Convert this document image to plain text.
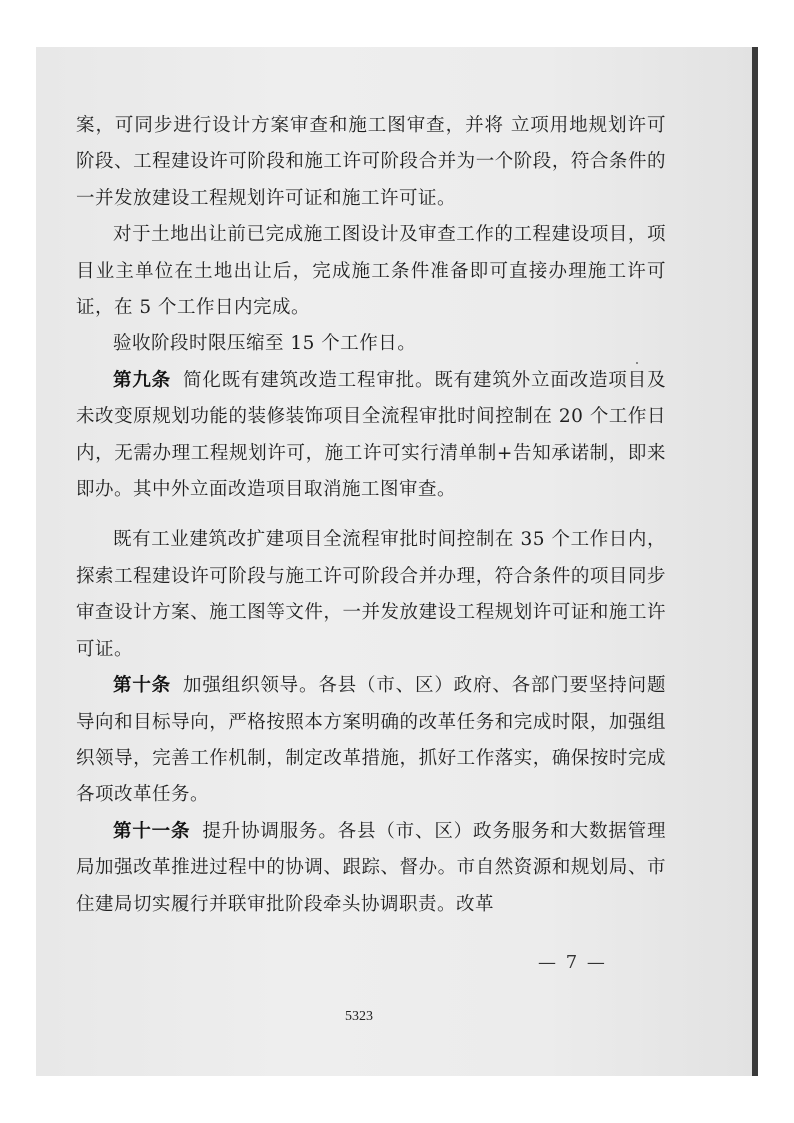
案，可同步进行设计方案审查和施工图审查，并将 立项用地规划许可阶段、工程建设许可阶段和施工许可阶段合并为一个阶段，符合条件的一并发放建设工程规划许可证和施工许可证。

对于土地出让前已完成施工图设计及审查工作的工程建设项目，项目业主单位在土地出让后，完成施工条件准备即可直接办理施工许可证，在 5 个工作日内完成。

验收阶段时限压缩至 15 个工作日。

第九条 简化既有建筑改造工程审批。既有建筑外立面改造项目及未改变原规划功能的装修装饰项目全流程审批时间控制在 20 个工作日内，无需办理工程规划许可，施工许可实行清单制+告知承诺制，即来即办。其中外立面改造项目取消施工图审查。

既有工业建筑改扩建项目全流程审批时间控制在 35 个工作日内，探索工程建设许可阶段与施工许可阶段合并办理，符合条件的项目同步审查设计方案、施工图等文件，一并发放建设工程规划许可证和施工许可证。

第十条 加强组织领导。各县（市、区）政府、各部门要坚持问题导向和目标导向，严格按照本方案明确的改革任务和完成时限，加强组织领导，完善工作机制，制定改革措施，抓好工作落实，确保按时完成各项改革任务。

第十一条 提升协调服务。各县（市、区）政务服务和大数据管理局加强改革推进过程中的协调、跟踪、督办。市自然资源和规划局、市住建局切实履行并联审批阶段牵头协调职责。改革

— 7 —
5323
